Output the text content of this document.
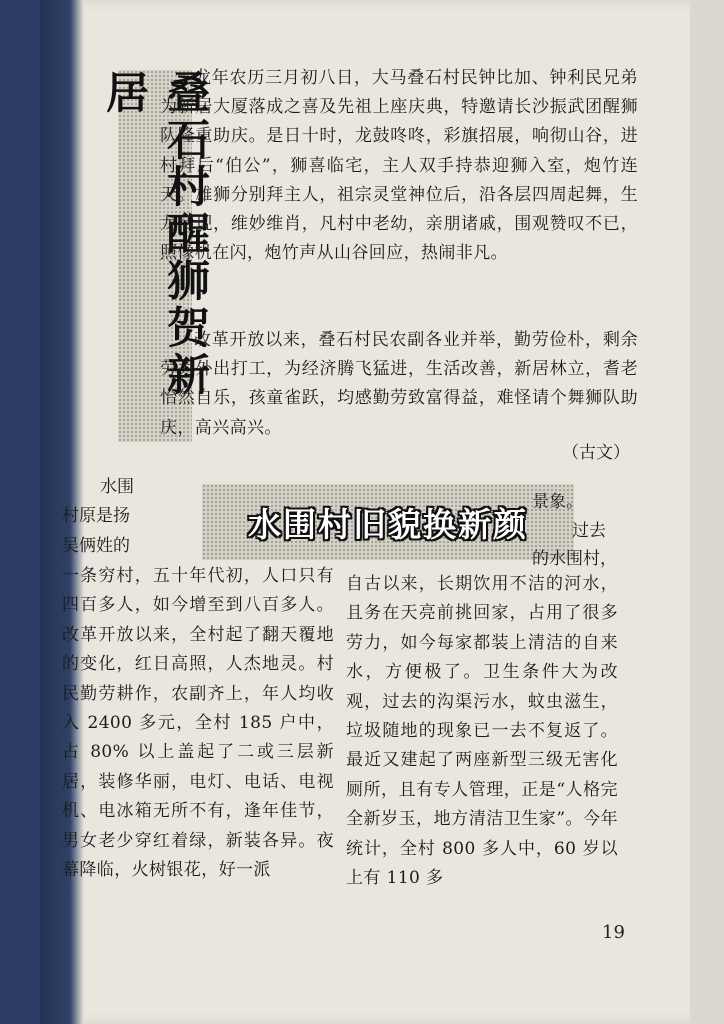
叠石村醒狮贺新居	龙年农历三月初八日，大马叠石村民钟比加、钟利民兄弟为新居大厦落成之喜及先祖上座庆典，特邀请长沙振武团醒狮队隆重助庆。是日十时，龙鼓咚咚，彩旗招展，响彻山谷，进村拜后“伯公”，狮喜临宅，主人双手持恭迎狮入室，炮竹连天。雄狮分别拜主人，祖宗灵堂神位后，沿各层四周起舞，生龙活现，维妙维肖，凡村中老幼，亲朋诸戚，围观赞叹不已，照像机在闪，炮竹声从山谷回应，热闹非凡。

改革开放以来，叠石村民农副各业并举，勤劳俭朴，剩余劳力外出打工，为经济腾飞猛进，生活改善，新居林立，耆老怡然自乐，孩童雀跃，均感勤劳致富得益，难怪请个舞狮队助庆，高兴高兴。

（古文）
水围村旧貌换新颜
水围
村原是扬
吴俩姓的

一条穷村，五十年代初，人口只有四百多人，如今增至到八百多人。改革开放以来，全村起了翻天覆地的变化，红日高照，人杰地灵。村民勤劳耕作，农副齐上，年人均收入 2400 多元，全村 185 户中，占 80% 以上盖起了二或三层新居，装修华丽，电灯、电话、电视机、电冰箱无所不有，逢年佳节，男女老少穿红着绿，新装各异。夜幕降临，火树银花，好一派

景象。
过去
的水围村，

自古以来，长期饮用不洁的河水，且务在天亮前挑回家，占用了很多劳力，如今每家都装上清洁的自来水，方便极了。卫生条件大为改观，过去的沟渠污水，蚊虫滋生，垃圾随地的现象已一去不复返了。最近又建起了两座新型三级无害化厕所，且有专人管理，正是“人格完全新岁玉，地方清洁卫生家”。今年统计，全村 800 多人中，60 岁以上有 110 多

19
